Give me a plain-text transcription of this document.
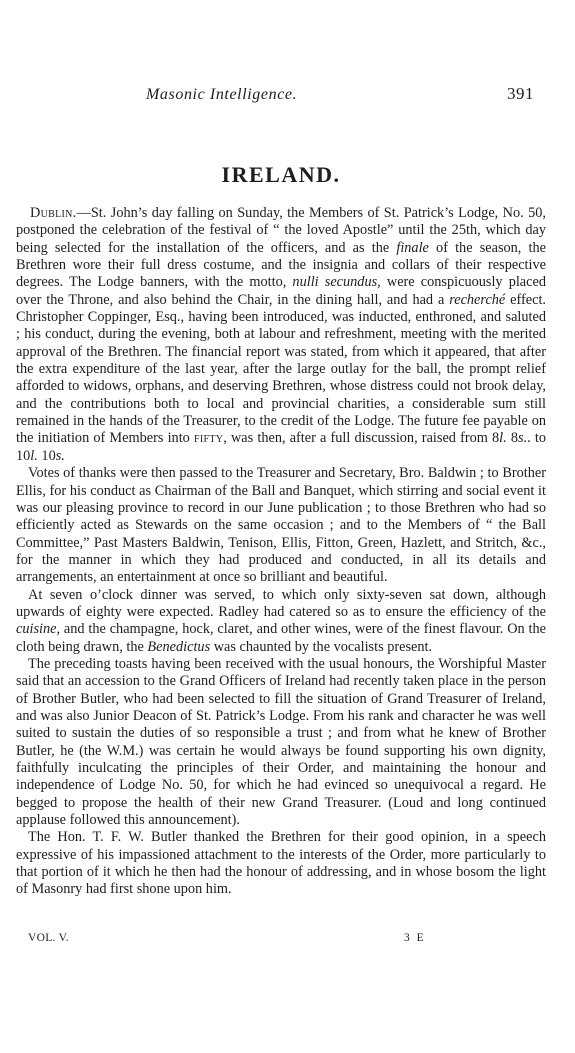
Masonic Intelligence.	391
IRELAND.

Dublin.—St. John’s day falling on Sunday, the Members of St. Patrick’s Lodge, No. 50, postponed the celebration of the festival of “ the loved Apostle” until the 25th, which day being selected for the installation of the officers, and as the finale of the season, the Brethren wore their full dress costume, and the insignia and collars of their respective degrees. The Lodge banners, with the motto, nulli secundus, were conspicuously placed over the Throne, and also behind the Chair, in the dining hall, and had a recherché effect. Christopher Coppinger, Esq., having been introduced, was inducted, enthroned, and saluted ; his conduct, during the evening, both at labour and refreshment, meeting with the merited approval of the Brethren. The financial report was stated, from which it appeared, that after the extra expenditure of the last year, after the large outlay for the ball, the prompt relief afforded to widows, orphans, and deserving Brethren, whose distress could not brook delay, and the contributions both to local and provincial charities, a considerable sum still remained in the hands of the Treasurer, to the credit of the Lodge. The future fee payable on the initiation of Members into fifty, was then, after a full discussion, raised from 8l. 8s.. to 10l. 10s.

Votes of thanks were then passed to the Treasurer and Secretary, Bro. Baldwin ; to Brother Ellis, for his conduct as Chairman of the Ball and Banquet, which stirring and social event it was our pleasing province to record in our June publication ; to those Brethren who had so efficiently acted as Stewards on the same occasion ; and to the Members of “ the Ball Committee,” Past Masters Baldwin, Tenison, Ellis, Fitton, Green, Hazlett, and Stritch, &c., for the manner in which they had produced and conducted, in all its details and arrangements, an entertainment at once so brilliant and beautiful.

At seven o’clock dinner was served, to which only sixty-seven sat down, although upwards of eighty were expected. Radley had catered so as to ensure the efficiency of the cuisine, and the champagne, hock, claret, and other wines, were of the finest flavour. On the cloth being drawn, the Benedictus was chaunted by the vocalists present.

The preceding toasts having been received with the usual honours, the Worshipful Master said that an accession to the Grand Officers of Ireland had recently taken place in the person of Brother Butler, who had been selected to fill the situation of Grand Treasurer of Ireland, and was also Junior Deacon of St. Patrick’s Lodge. From his rank and character he was well suited to sustain the duties of so responsible a trust ; and from what he knew of Brother Butler, he (the W.M.) was certain he would always be found supporting his own dignity, faithfully inculcating the principles of their Order, and maintaining the honour and independence of Lodge No. 50, for which he had evinced so unequivocal a regard. He begged to propose the health of their new Grand Treasurer. (Loud and long continued applause followed this announcement).

The Hon. T. F. W. Butler thanked the Brethren for their good opinion, in a speech expressive of his impassioned attachment to the interests of the Order, more particularly to that portion of it which he then had the honour of addressing, and in whose bosom the light of Masonry had first shone upon him.

VOL. V.	3 E
